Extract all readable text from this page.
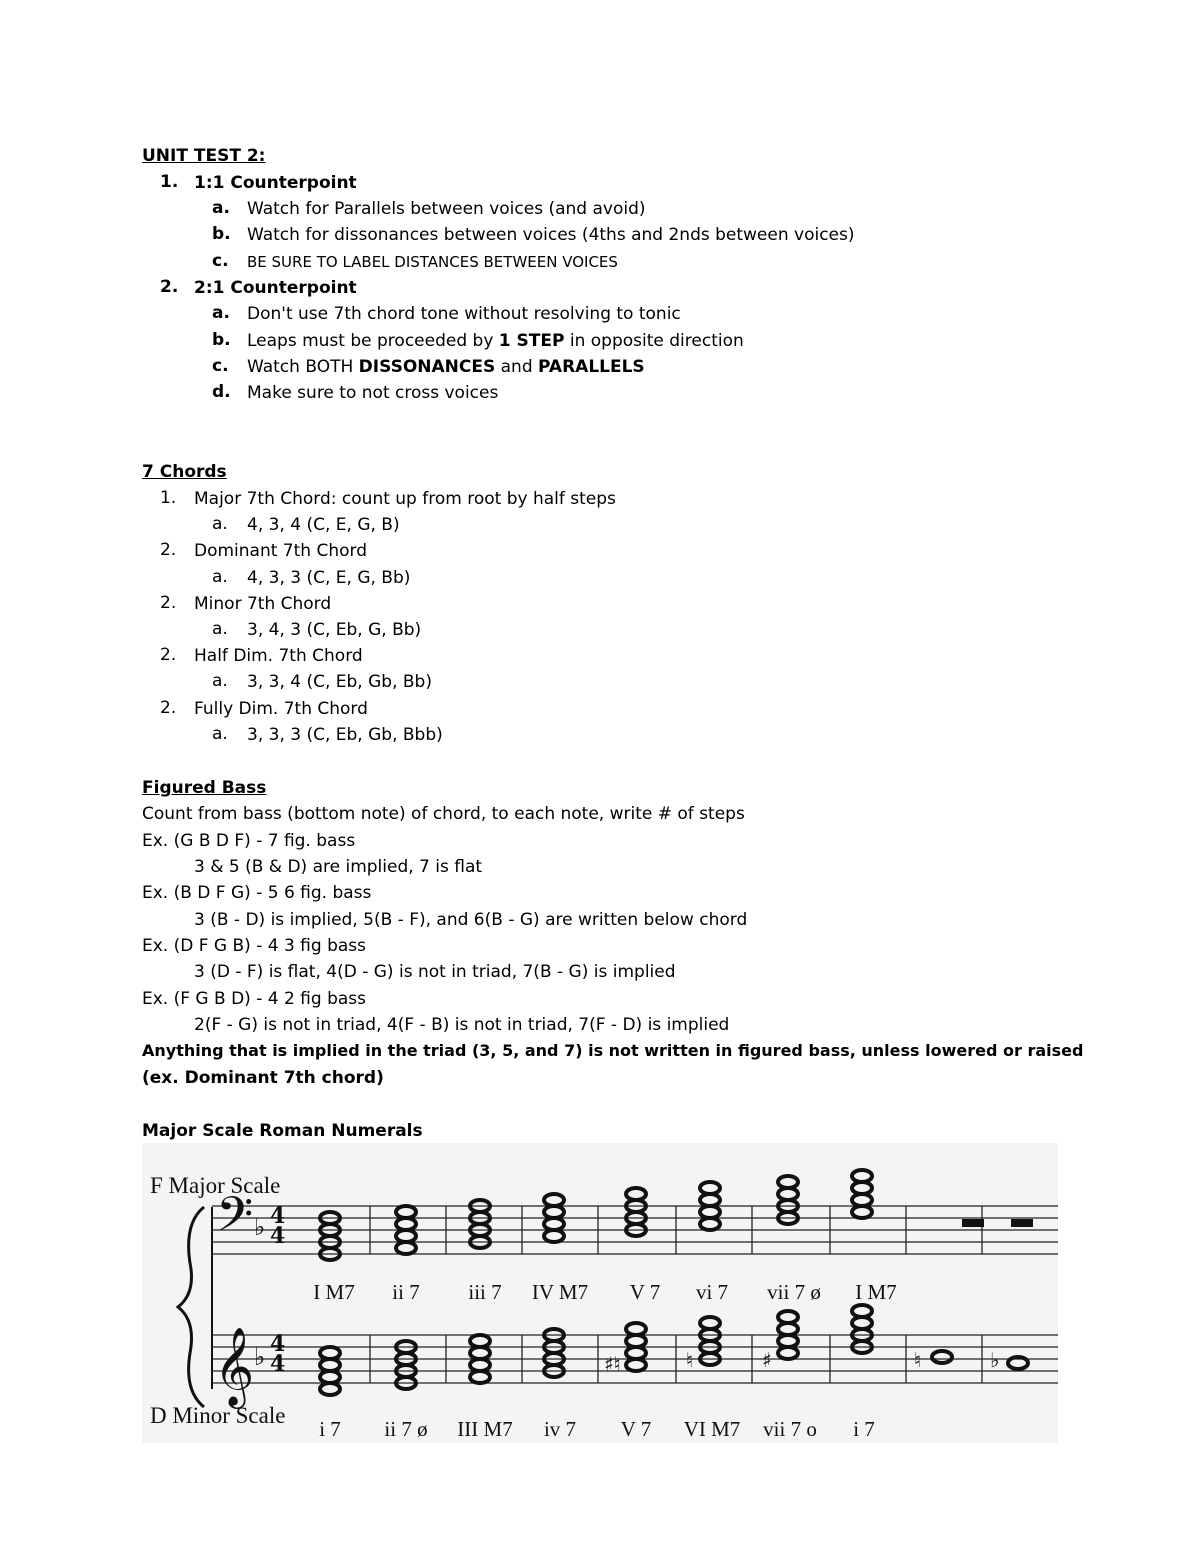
UNIT TEST 2:
1. 1:1 Counterpoint
a. Watch for Parallels between voices (and avoid)
b. Watch for dissonances between voices (4ths and 2nds between voices)
c. BE SURE TO LABEL DISTANCES BETWEEN VOICES
2. 2:1 Counterpoint
a. Don't use 7th chord tone without resolving to tonic
b. Leaps must be proceeded by 1 STEP in opposite direction
c. Watch BOTH DISSONANCES and PARALLELS
d. Make sure to not cross voices
7 Chords
1. Major 7th Chord: count up from root by half steps
a. 4, 3, 4 (C, E, G, B)
2. Dominant 7th Chord
a. 4, 3, 3 (C, E, G, Bb)
2. Minor 7th Chord
a. 3, 4, 3 (C, Eb, G, Bb)
2. Half Dim. 7th Chord
a. 3, 3, 4 (C, Eb, Gb, Bb)
2. Fully Dim. 7th Chord
a. 3, 3, 3 (C, Eb, Gb, Bbb)
Figured Bass
Count from bass (bottom note) of chord, to each note, write # of steps
Ex. (G B D F) - 7 fig. bass
3 & 5 (B & D) are implied, 7 is flat
Ex. (B D F G) - 5 6 fig. bass
3 (B - D) is implied, 5(B - F), and 6(B - G) are written below chord
Ex. (D F G B) - 4 3 fig bass
3 (D - F) is flat, 4(D - G) is not in triad, 7(B - G) is implied
Ex. (F G B D) - 4 2 fig bass
2(F - G) is not in triad, 4(F - B) is not in triad, 7(F - D) is implied
Anything that is implied in the triad (3, 5, and 7) is not written in figured bass, unless lowered or raised
(ex. Dominant 7th chord)
Major Scale Roman Numerals
F Major Scale
D Minor Scale
𝄢
𝄞
♭
♭
4
4
4
4	♯♮	♮	♯	♮	♭
I M7 ii 7 iii 7 IV M7 V 7 vi 7 vii 7 ø I M7
i 7 ii 7 ø III M7 iv 7 V 7 VI M7 vii 7 o i 7
